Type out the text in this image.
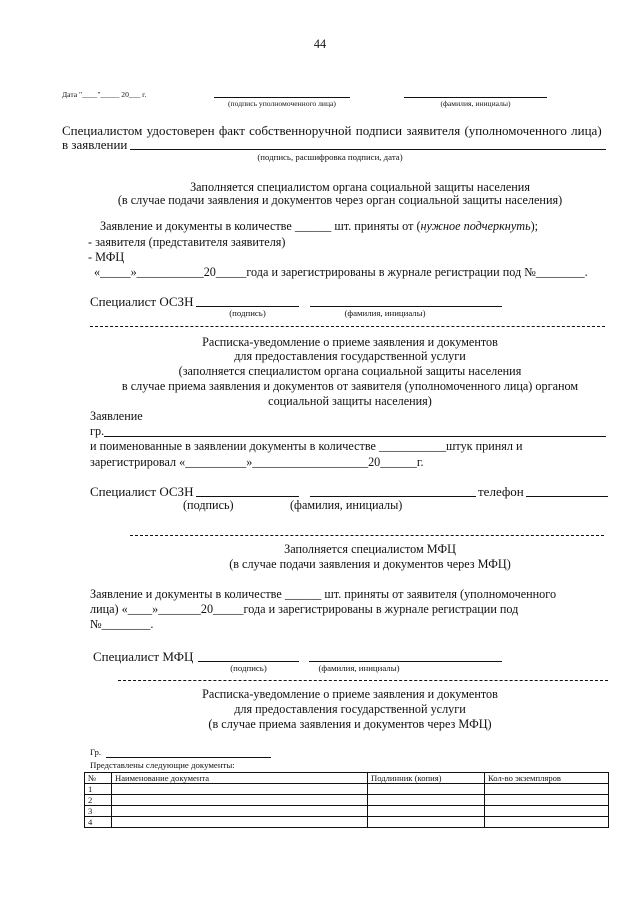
44
Дата "____"_____ 20___ г.
(подпись уполномоченного лица)	(фамилия, инициалы)
Специалистом удостоверен факт собственноручной подписи заявителя (уполномоченного лица)
в заявлении
(подпись, расшифровка подписи, дата)
Заполняется специалистом органа социальной защиты населения
(в случае подачи заявления и документов через орган социальной защиты населения)
Заявление и документы в количестве ______ шт. приняты от (нужное подчеркнуть);
- заявителя (представителя заявителя)
- МФЦ
«_____»___________20_____года и зарегистрированы в журнале регистрации под №________.
Специалист ОСЗН
(подпись)	(фамилия, инициалы)
Расписка-уведомление о приеме заявления и документов
для предоставления государственной услуги
(заполняется специалистом органа социальной защиты населения
в случае приема заявления и документов от заявителя (уполномоченного лица) органом
социальной защиты населения)
Заявление
гр.
и поименованные в заявлении документы в количестве ___________штук принял и
зарегистрировал «__________»___________________20______г.
Специалист ОСЗН	телефон
(подпись)	(фамилия, инициалы)
Заполняется специалистом МФЦ
(в случае подачи заявления и документов через МФЦ)
Заявление и документы в количестве ______ шт. приняты от заявителя (уполномоченного
лица) «____»_______20_____года и зарегистрированы в журнале регистрации под
№________.
Специалист МФЦ
(подпись)	(фамилия, инициалы)
Расписка-уведомление о приеме заявления и документов
для предоставления государственной услуги
(в случае приема заявления и документов через МФЦ)
Гр.
Представлены следующие документы:
№	Наименование документа	Подлинник (копия)	Кол-во экземпляров
1			
2			
3			
4			
